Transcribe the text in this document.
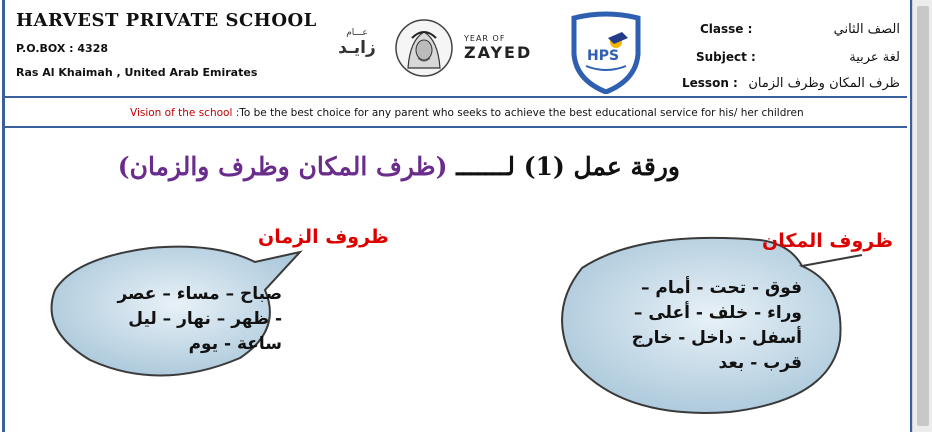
HARVEST PRIVATE SCHOOL
P.O.BOX : 4328
Ras Al Khaimah , United Arab Emirates
عـــام
زايـد	YEAR OF
ZAYED	HPS
Classe :	الصف الثاني
Subject :	لغة عربية
Lesson : ظرف المكان وظرف الزمان
Vision of the school :To be the best choice for any parent who seeks to achieve the best educational service for his/ her children
ورقة عمل (1) لـــــــ (ظرف المكان وظرف والزمان)
ظروف الزمان	ظروف المكان
صباح – مساء – عصر
- ظهر – نهار – ليل
ساعة - يوم
فوق - تحت - أمام –
وراء - خلف - أعلى –
أسفل - داخل - خارج
قرب - بعد
